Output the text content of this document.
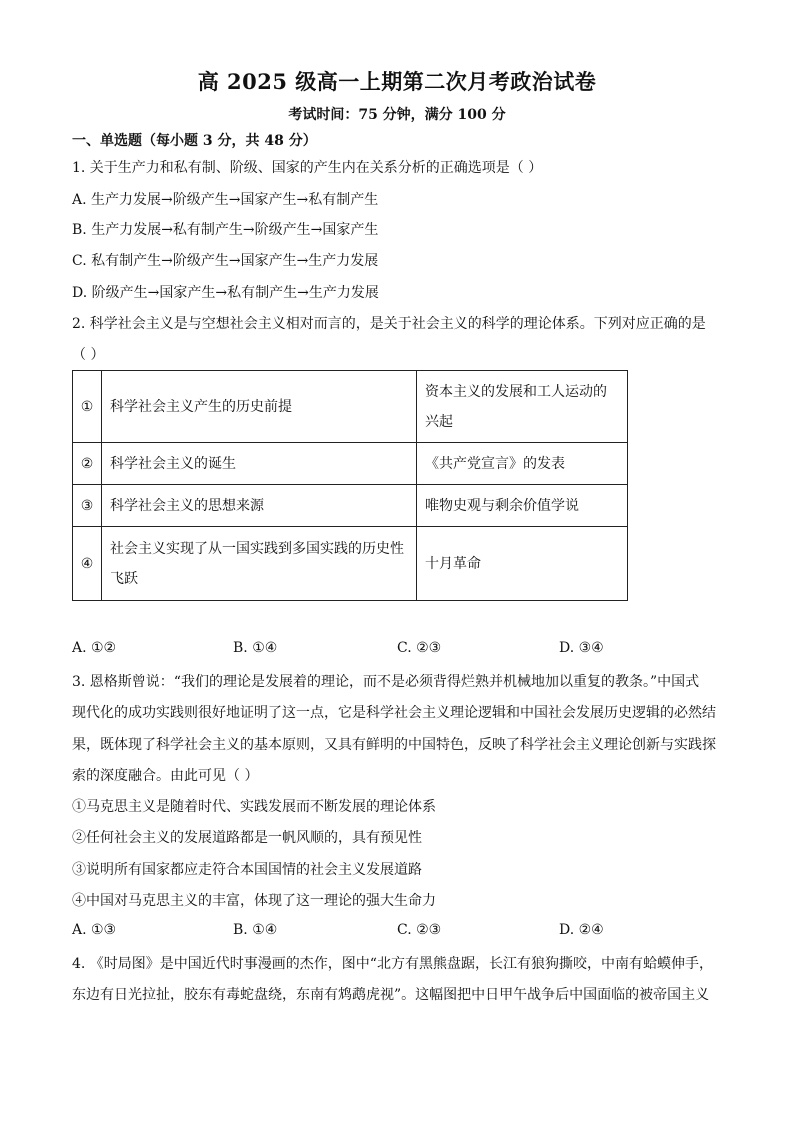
高 2025 级高一上期第二次月考政治试卷
考试时间：75 分钟，满分 100 分
一、单选题（每小题 3 分，共 48 分）
1. 关于生产力和私有制、阶级、国家的产生内在关系分析的正确选项是（ ）
A. 生产力发展→阶级产生→国家产生→私有制产生
B. 生产力发展→私有制产生→阶级产生→国家产生
C. 私有制产生→阶级产生→国家产生→生产力发展
D. 阶级产生→国家产生→私有制产生→生产力发展
2. 科学社会主义是与空想社会主义相对而言的，是关于社会主义的科学的理论体系。下列对应正确的是
（ ）
①	科学社会主义产生的历史前提	资本主义的发展和工人运动的
兴起

②	科学社会主义的诞生	《共产党宣言》的发表
③	科学社会主义的思想来源	唯物史观与剩余价值学说
④	社会主义实现了从一国实践到多国实践的历史性
飞跃	十月革命
A. ①②	B. ①④	C. ②③	D. ③④
3. 恩格斯曾说：“我们的理论是发展着的理论，而不是必须背得烂熟并机械地加以重复的教条。”中国式
现代化的成功实践则很好地证明了这一点，它是科学社会主义理论逻辑和中国社会发展历史逻辑的必然结
果，既体现了科学社会主义的基本原则，又具有鲜明的中国特色，反映了科学社会主义理论创新与实践探
索的深度融合。由此可见（ ）
①马克思主义是随着时代、实践发展而不断发展的理论体系
②任何社会主义的发展道路都是一帆风顺的，具有预见性
③说明所有国家都应走符合本国国情的社会主义发展道路
④中国对马克思主义的丰富，体现了这一理论的强大生命力
A. ①③	B. ①④	C. ②③	D. ②④
4. 《时局图》是中国近代时事漫画的杰作，图中“北方有黑熊盘踞，长江有狼狗撕咬，中南有蛤蟆伸手，
东边有日光拉扯，胶东有毒蛇盘绕，东南有鸩鹉虎视”。这幅图把中日甲午战争后中国面临的被帝国主义
